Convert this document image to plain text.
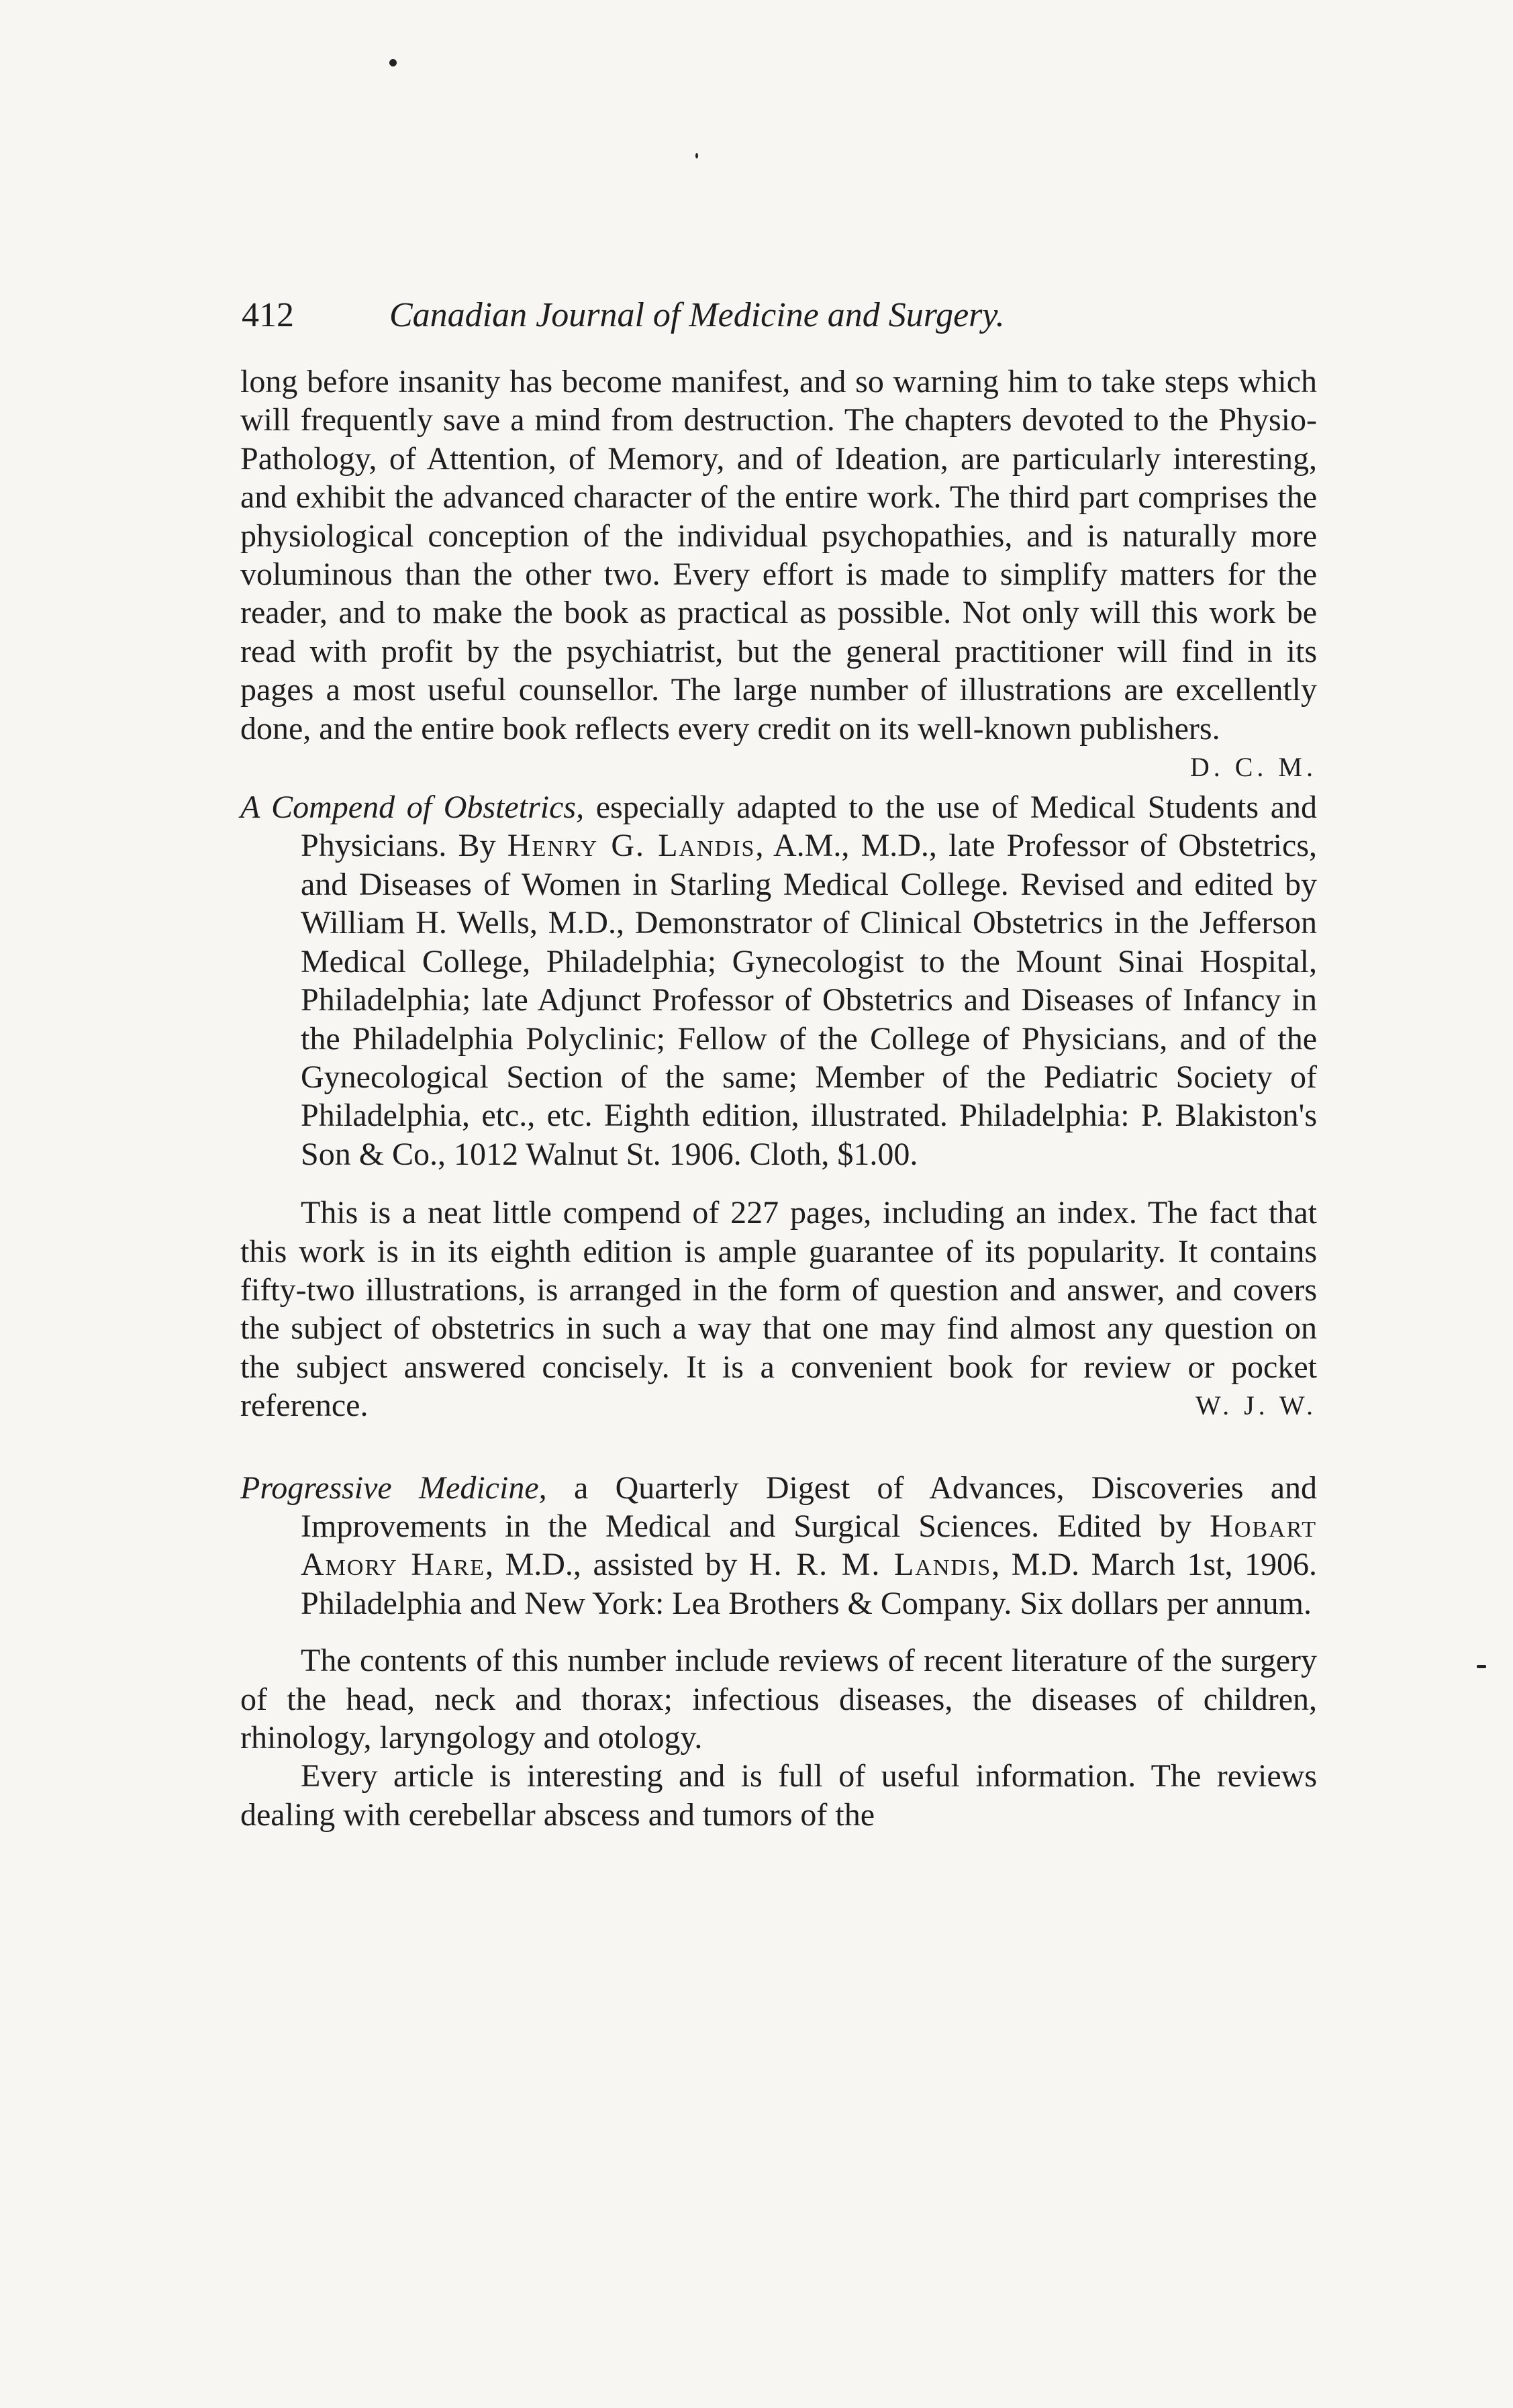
412	Canadian Journal of Medicine and Surgery.

long before insanity has become manifest, and so warning him to take steps which will frequently save a mind from destruction. The chapters devoted to the Physio-Pathology, of Attention, of Memory, and of Ideation, are particularly interesting, and exhibit the advanced character of the entire work. The third part comprises the physiological conception of the individual psychopathies, and is naturally more voluminous than the other two. Every effort is made to simplify matters for the reader, and to make the book as practical as possible. Not only will this work be read with profit by the psychiatrist, but the general practitioner will find in its pages a most useful counsellor. The large number of illustrations are excellently done, and the entire book reflects every credit on its well-known publishers.
D. C. M.

A Compend of Obstetrics, especially adapted to the use of Medical Students and Physicians. By Henry G. Landis, A.M., M.D., late Professor of Obstetrics, and Diseases of Women in Starling Medical College. Revised and edited by William H. Wells, M.D., Demonstrator of Clinical Obstetrics in the Jefferson Medical College, Philadelphia; Gynecologist to the Mount Sinai Hospital, Philadelphia; late Adjunct Professor of Obstetrics and Diseases of Infancy in the Philadelphia Polyclinic; Fellow of the College of Physicians, and of the Gynecological Section of the same; Member of the Pediatric Society of Philadelphia, etc., etc. Eighth edition, illustrated. Philadelphia: P. Blakiston's Son & Co., 1012 Walnut St. 1906. Cloth, $1.00.

This is a neat little compend of 227 pages, including an index. The fact that this work is in its eighth edition is ample guarantee of its popularity. It contains fifty-two illustrations, is arranged in the form of question and answer, and covers the subject of obstetrics in such a way that one may find almost any question on the subject answered concisely. It is a convenient book for review or pocket reference.	W. J. W.

Progressive Medicine, a Quarterly Digest of Advances, Discoveries and Improvements in the Medical and Surgical Sciences. Edited by Hobart Amory Hare, M.D., assisted by H. R. M. Landis, M.D. March 1st, 1906. Philadelphia and New York: Lea Brothers & Company. Six dollars per annum.

The contents of this number include reviews of recent literature of the surgery of the head, neck and thorax; infectious diseases, the diseases of children, rhinology, laryngology and otology.

Every article is interesting and is full of useful information. The reviews dealing with cerebellar abscess and tumors of the
